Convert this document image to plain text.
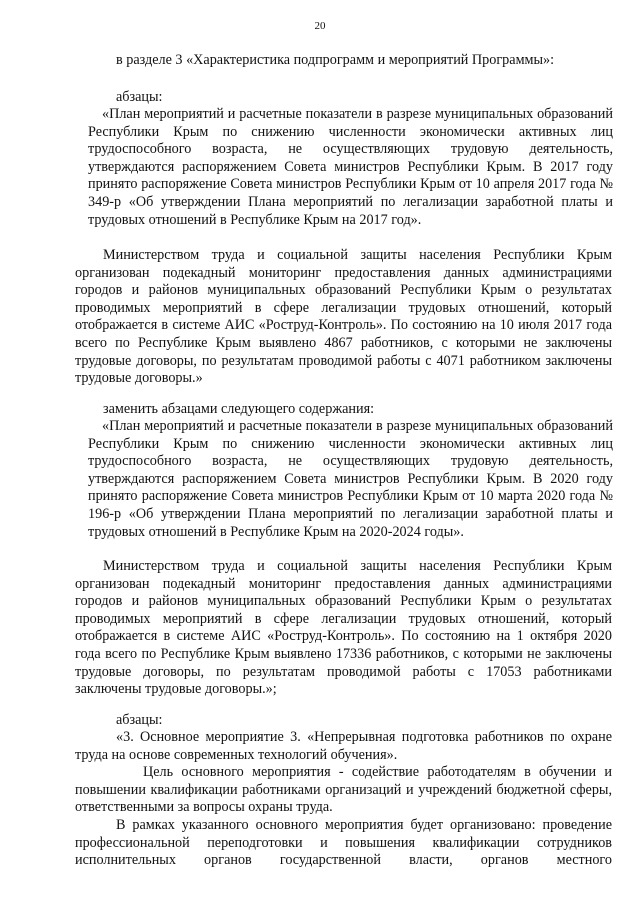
20
в разделе 3 «Характеристика подпрограмм и мероприятий Программы»:
абзацы:
«План мероприятий и расчетные показатели в разрезе муниципальных образований Республики Крым по снижению численности экономически активных лиц трудоспособного возраста, не осуществляющих трудовую деятельность, утверждаются распоряжением Совета министров Республики Крым. В 2017 году принято распоряжение Совета министров Республики Крым от 10 апреля 2017 года № 349-р «Об утверждении Плана мероприятий по легализации заработной платы и трудовых отношений в Республике Крым на 2017 год».
Министерством труда и социальной защиты населения Республики Крым организован подекадный мониторинг предоставления данных администрациями городов и районов муниципальных образований Республики Крым о результатах проводимых мероприятий в сфере легализации трудовых отношений, который отображается в системе АИС «Роструд-Контроль». По состоянию на 10 июля 2017 года всего по Республике Крым выявлено 4867 работников, с которыми не заключены трудовые договоры, по результатам проводимой работы с 4071 работником заключены трудовые договоры.»
заменить абзацами следующего содержания:
«План мероприятий и расчетные показатели в разрезе муниципальных образований Республики Крым по снижению численности экономически активных лиц трудоспособного возраста, не осуществляющих трудовую деятельность, утверждаются распоряжением Совета министров Республики Крым. В 2020 году принято распоряжение Совета министров Республики Крым от 10 марта 2020 года № 196-р «Об утверждении Плана мероприятий по легализации заработной платы и трудовых отношений в Республике Крым на 2020-2024 годы».
Министерством труда и социальной защиты населения Республики Крым организован подекадный мониторинг предоставления данных администрациями городов и районов муниципальных образований Республики Крым о результатах проводимых мероприятий в сфере легализации трудовых отношений, который отображается в системе АИС «Роструд-Контроль». По состоянию на 1 октября 2020 года всего по Республике Крым выявлено 17336 работников, с которыми не заключены трудовые договоры, по результатам проводимой работы с 17053 работниками заключены трудовые договоры.»;
абзацы:
«3. Основное мероприятие 3. «Непрерывная подготовка работников по охране труда на основе современных технологий обучения».
Цель основного мероприятия - содействие работодателям в обучении и повышении квалификации работниками организаций и учреждений бюджетной сферы, ответственными за вопросы охраны труда.
В рамках указанного основного мероприятия будет организовано: проведение профессиональной переподготовки и повышения квалификации сотрудников исполнительных органов государственной власти, органов местного
